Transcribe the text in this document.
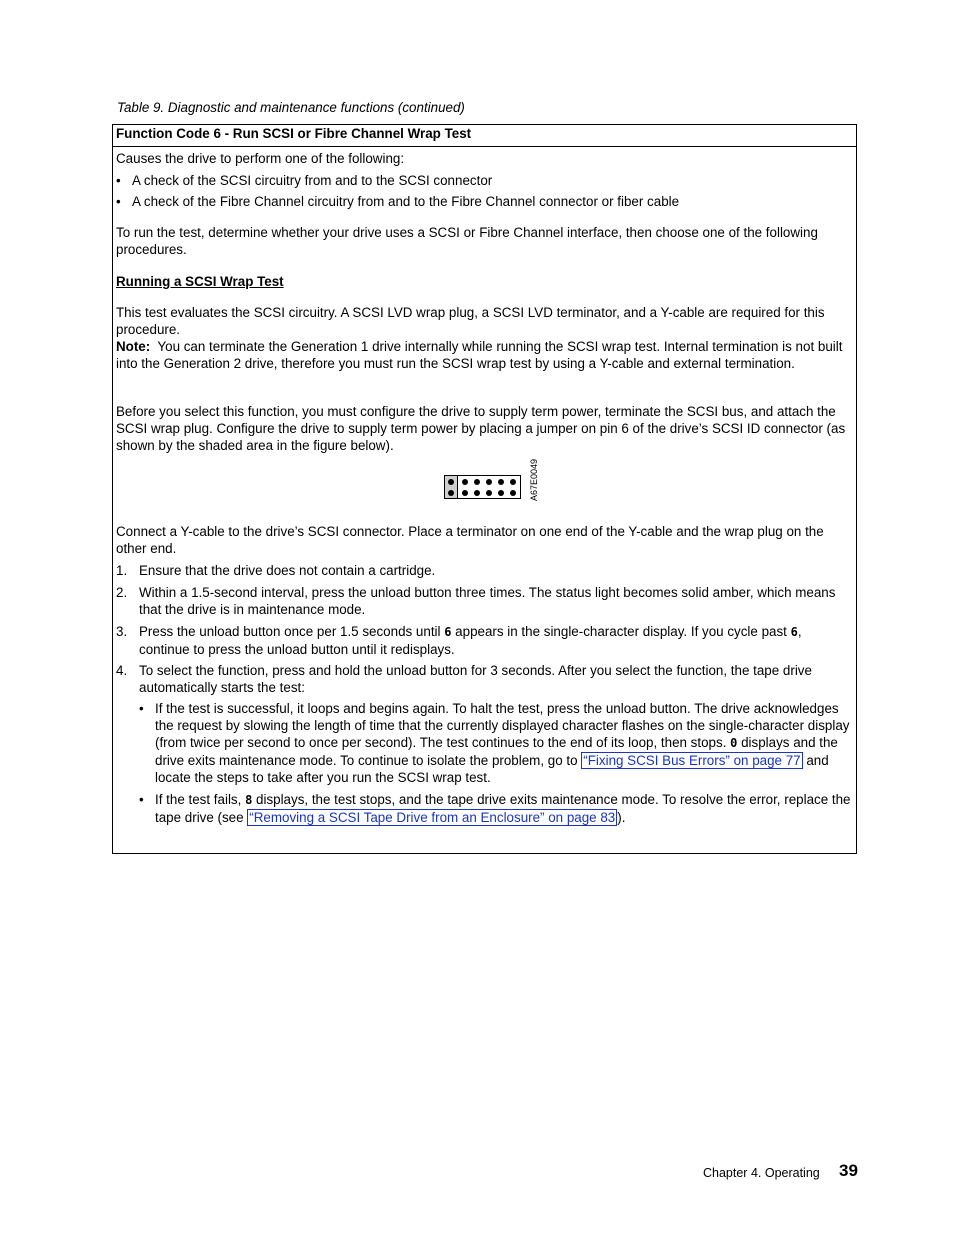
Table 9. Diagnostic and maintenance functions (continued)
Function Code 6 - Run SCSI or Fibre Channel Wrap Test
Causes the drive to perform one of the following:
• A check of the SCSI circuitry from and to the SCSI connector
• A check of the Fibre Channel circuitry from and to the Fibre Channel connector or fiber cable
To run the test, determine whether your drive uses a SCSI or Fibre Channel interface, then choose one of the following procedures.
Running a SCSI Wrap Test
This test evaluates the SCSI circuitry. A SCSI LVD wrap plug, a SCSI LVD terminator, and a Y-cable are required for this procedure.
Note: You can terminate the Generation 1 drive internally while running the SCSI wrap test. Internal termination is not built into the Generation 2 drive, therefore you must run the SCSI wrap test by using a Y-cable and external termination.
Before you select this function, you must configure the drive to supply term power, terminate the SCSI bus, and attach the SCSI wrap plug. Configure the drive to supply term power by placing a jumper on pin 6 of the drive’s SCSI ID connector (as shown by the shaded area in the figure below).
A67E0049
Connect a Y-cable to the drive’s SCSI connector. Place a terminator on one end of the Y-cable and the wrap plug on the other end.
1. Ensure that the drive does not contain a cartridge.
2. Within a 1.5-second interval, press the unload button three times. The status light becomes solid amber, which means that the drive is in maintenance mode.
3. Press the unload button once per 1.5 seconds until 6 appears in the single-character display. If you cycle past 6, continue to press the unload button until it redisplays.
4. To select the function, press and hold the unload button for 3 seconds. After you select the function, the tape drive automatically starts the test:
• If the test is successful, it loops and begins again. To halt the test, press the unload button. The drive acknowledges the request by slowing the length of time that the currently displayed character flashes on the single-character display (from twice per second to once per second). The test continues to the end of its loop, then stops. 0 displays and the drive exits maintenance mode. To continue to isolate the problem, go to “Fixing SCSI Bus Errors” on page 77 and locate the steps to take after you run the SCSI wrap test.
• If the test fails, 8 displays, the test stops, and the tape drive exits maintenance mode. To resolve the error, replace the tape drive (see “Removing a SCSI Tape Drive from an Enclosure” on page 83 ).
Chapter 4. Operating 39
